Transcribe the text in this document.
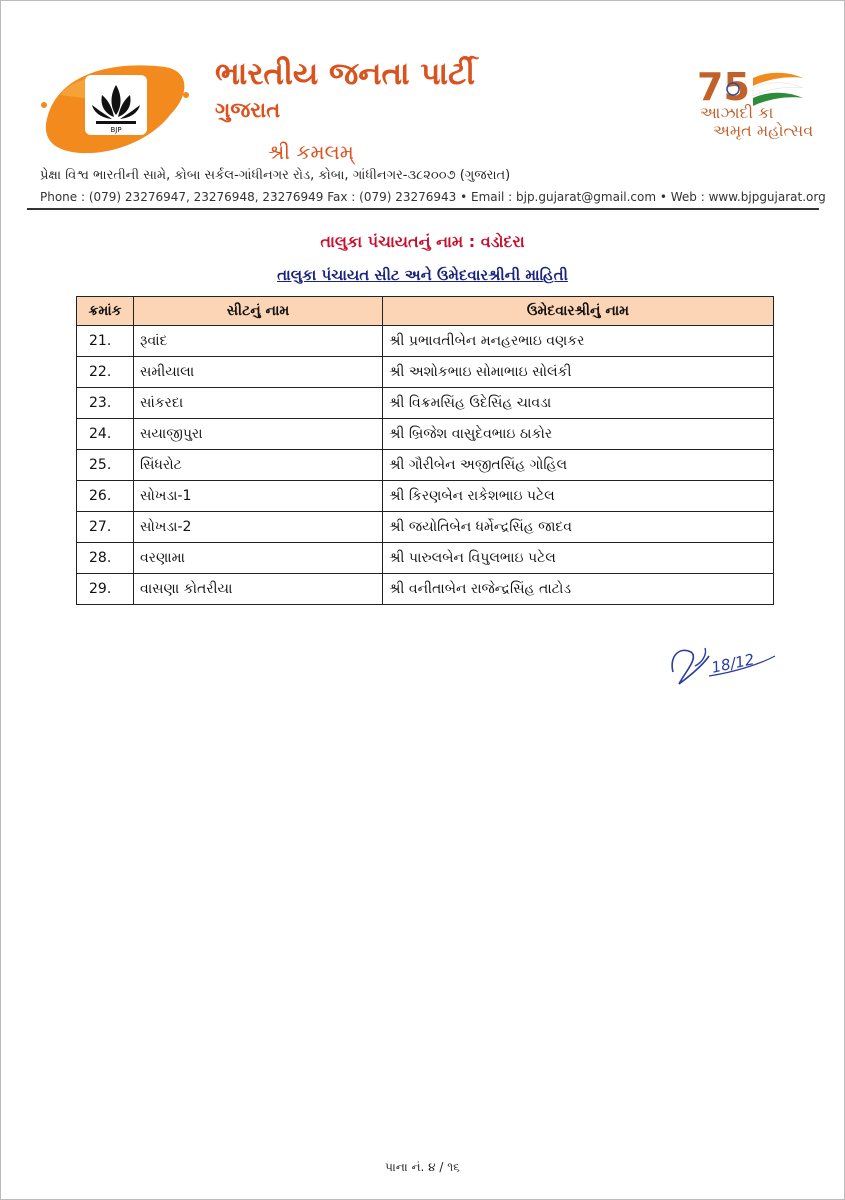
BJP
ભારતીય જનતા પાર્ટી
ગુજરાત
શ્રી કમલમ્
75
આઝાદી કા
અમૃત મહોત્સવ
પ્રેક્ષા વિશ્વ ભારતીની સામે, કોબા સર્કલ-ગાંધીનગર રોડ, કોબા, ગાંધીનગર-૩૮૨૦૦૭ (ગુજરાત)
Phone : (079) 23276947, 23276948, 23276949 Fax : (079) 23276943 • Email : bjp.gujarat@gmail.com • Web : www.bjpgujarat.org
તાલુકા પંચાયતનું નામ : વડોદરા
તાલુકા પંચાયત સીટ અને ઉમેદવારશ્રીની માહિતી
ક્રમાંક	સીટનું નામ	ઉમેદવારશ્રીનું નામ
21.	રૂવાંદ	શ્રી પ્રભાવતીબેન મનહરભાઇ વણકર
22.	સમીયાલા	શ્રી અશોકભાઇ સોમાભાઇ સોલંકી
23.	સાંકરદા	શ્રી વિક્રમસિંહ ઉદેસિંહ ચાવડા
24.	સયાજીપુરા	શ્રી બ્રિજેશ વાસુદેવભાઇ ઠાકોર
25.	સિંધરોટ	શ્રી ગૌરીબેન અજીતસિંહ ગોહિલ
26.	સોખડા-1	શ્રી કિરણબેન રાકેશભાઇ પટેલ
27.	સોખડા-2	શ્રી જયોતિબેન ધર્મેન્દ્રસિંહ જાદવ
28.	વરણામા	શ્રી પારુલબેન વિપુલભાઇ પટેલ
29.	વાસણા કોતરીયા	શ્રી વનીતાબેન રાજેન્દ્રસિંહ તાટોડ
18/12
પાના નં. ૪ / ૧૬
